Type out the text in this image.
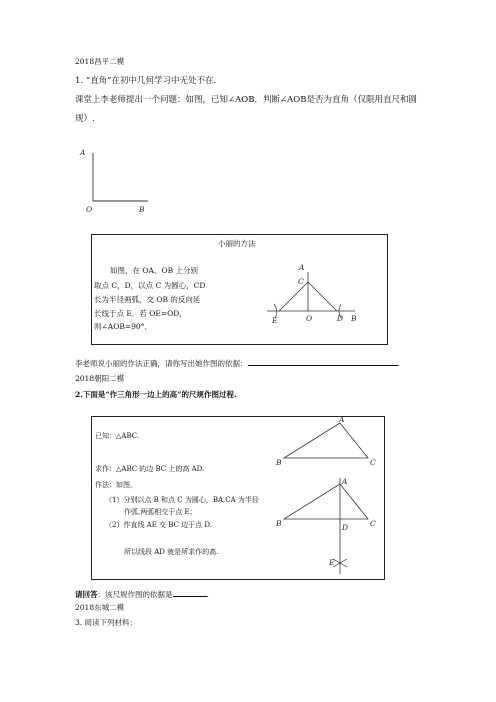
2018昌平二模
1. “直角”在初中几何学习中无处不在.
课堂上李老师提出一个问题：如图，已知∠AOB．判断∠AOB是否为直角（仅限用直尺和圆
规）.
A
O	B
小丽的方法
如图，在 OA、OB 上分别
取点 C，D，以点 C 为圆心，CD
长为半径画弧，交 OB 的反向延
长线于点 E．若 OE=OD，
则∠AOB=90°．
A
C
E	O	D B
李老师说小丽的作法正确，请你写出她作图的依据：	.
2018朝阳二模
2.下面是“作三角形一边上的高”的尺规作图过程.
已知：△ABC.
求作：△ABC 的边 BC 上的高 AD.
作法：如图，
（1）分别以点 B 和点 C 为圆心，BA,CA 为半径
作弧,两弧相交于点 E；
（2）作直线 AE 交 BC 边于点 D.
所以线段 AD 就是所求作的高.
A
B	C
A
B	C
D
E
请回答：该尺规作图的依据是	.
2018东城二模
3. 阅读下列材料：
